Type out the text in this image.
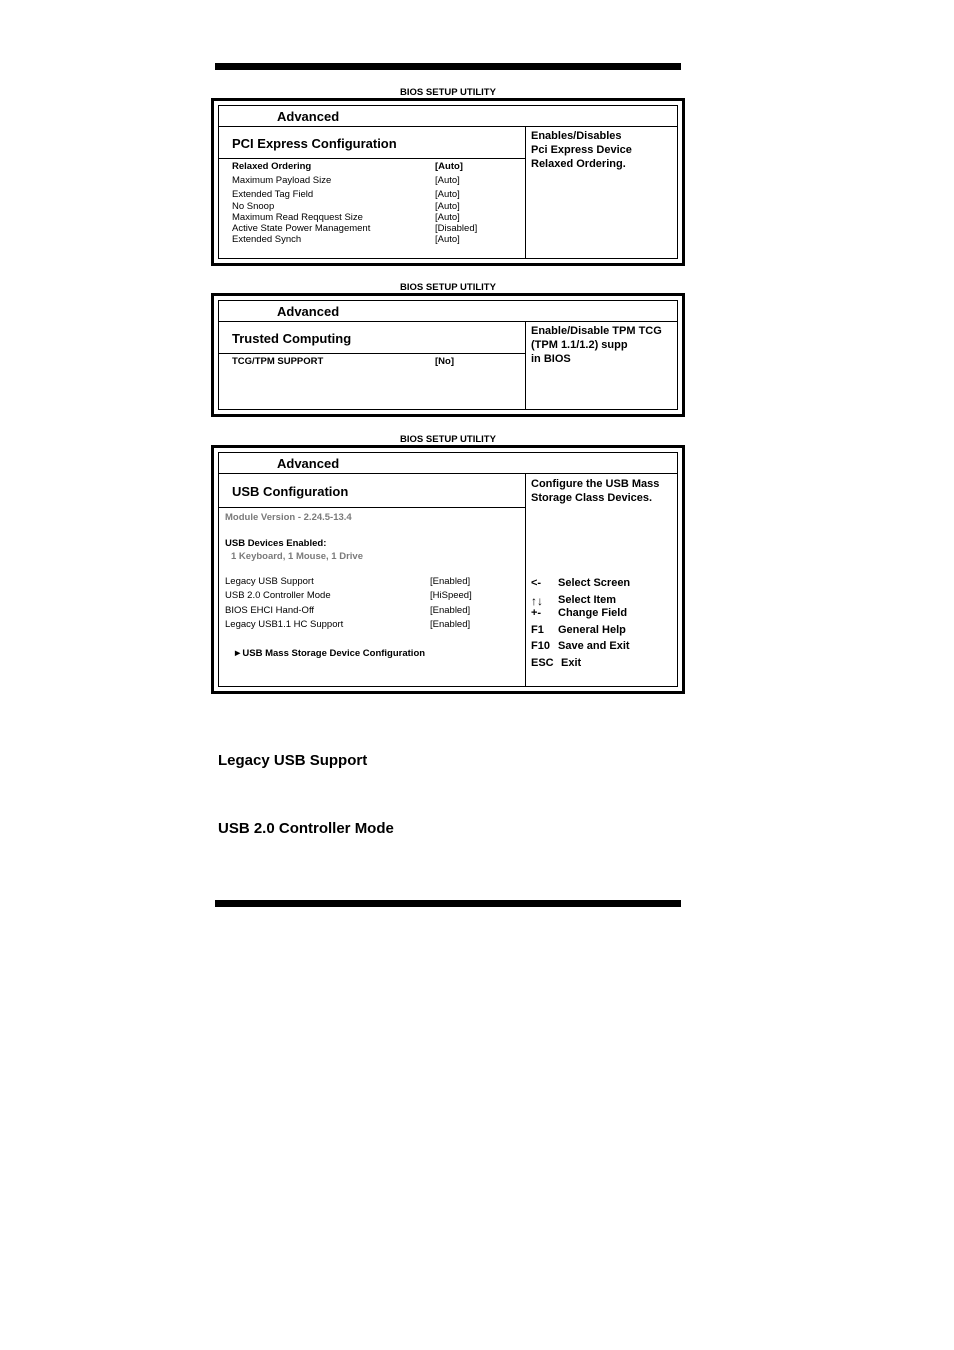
BIOS SETUP UTILITY
Advanced
PCI Express Configuration	Enables/Disables
Pci Express Device
Relaxed Ordering.
Relaxed Ordering	[Auto]
Maximum Payload Size	[Auto]
Extended Tag Field	[Auto]
No Snoop	[Auto]
Maximum Read Reqquest Size	[Auto]
Active State Power Management	[Disabled]
Extended Synch	[Auto]
BIOS SETUP UTILITY
Advanced
Trusted Computing	Enable/Disable TPM TCG
(TPM 1.1/1.2) supp
in BIOS
TCG/TPM SUPPORT	[No]
BIOS SETUP UTILITY
Advanced
USB Configuration	Configure the USB Mass
Storage Class Devices.
Module Version - 2.24.5-13.4
USB Devices Enabled:
1 Keyboard, 1 Mouse, 1 Drive
Legacy USB Support	[Enabled]
USB 2.0 Controller Mode	[HiSpeed]
BIOS EHCI Hand-Off	[Enabled]
Legacy USB1.1 HC Support	[Enabled]
►USB Mass Storage Device Configuration
<- Select Screen
↑↓ Select Item
+- Change Field
F1 General Help
F10 Save and Exit
ESC Exit
Legacy USB Support
USB 2.0 Controller Mode
